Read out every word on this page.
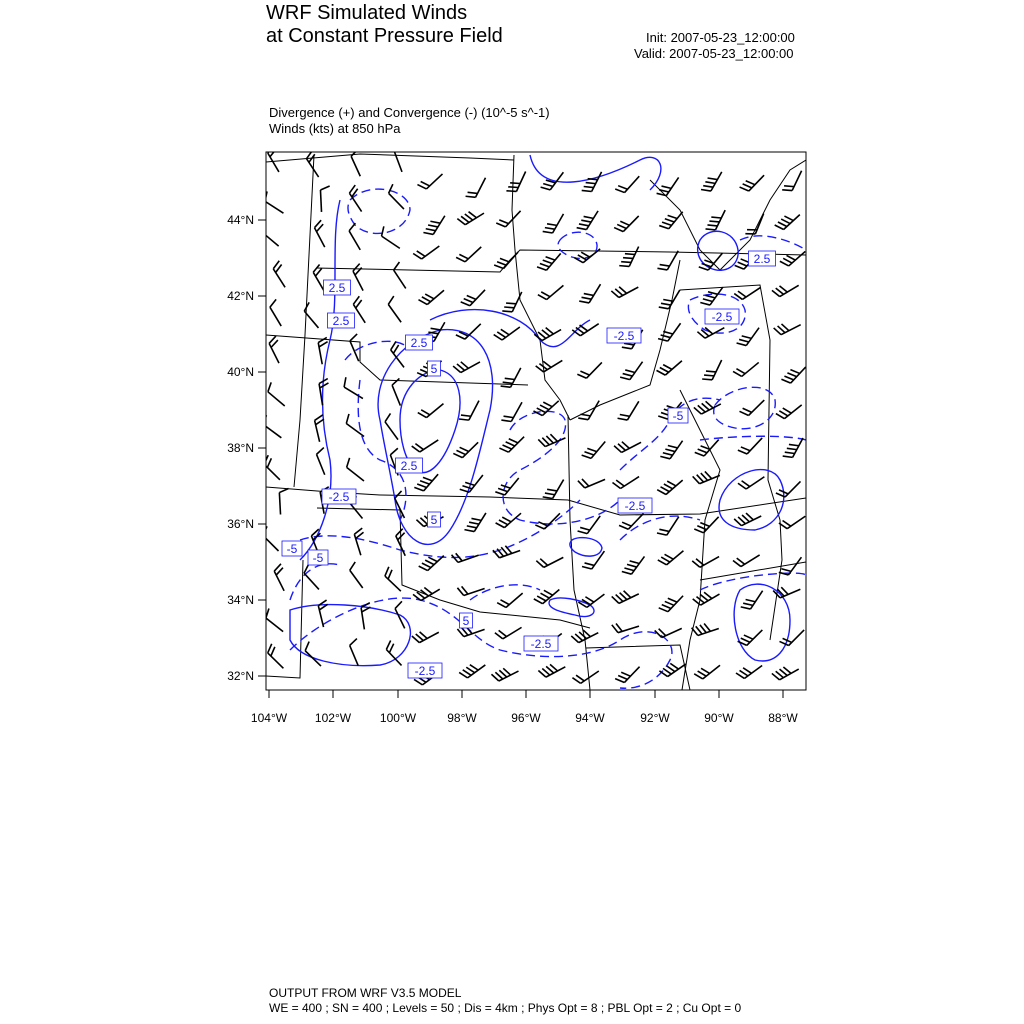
WRF Simulated Winds
at Constant Pressure Field	Init: 2007-05-23_12:00:00
Valid: 2007-05-23_12:00:00
Divergence (+) and Convergence (-) (10^-5 s^-1)
Winds (kts) at 850 hPa
2.5
2.5
2.5
5
2.5
5
-5
-5
5
-2.5
-2.5
-2.5
-5
-2.5
-2.5
2.5
-2.5
44°N
42°N
40°N
38°N
36°N
34°N
32°N
104°W 102°W 100°W	98°W	96°W	94°W	92°W	90°W	88°W
OUTPUT FROM WRF V3.5 MODEL
WE = 400 ; SN = 400 ; Levels = 50 ; Dis = 4km ; Phys Opt = 8 ; PBL Opt = 2 ; Cu Opt = 0
